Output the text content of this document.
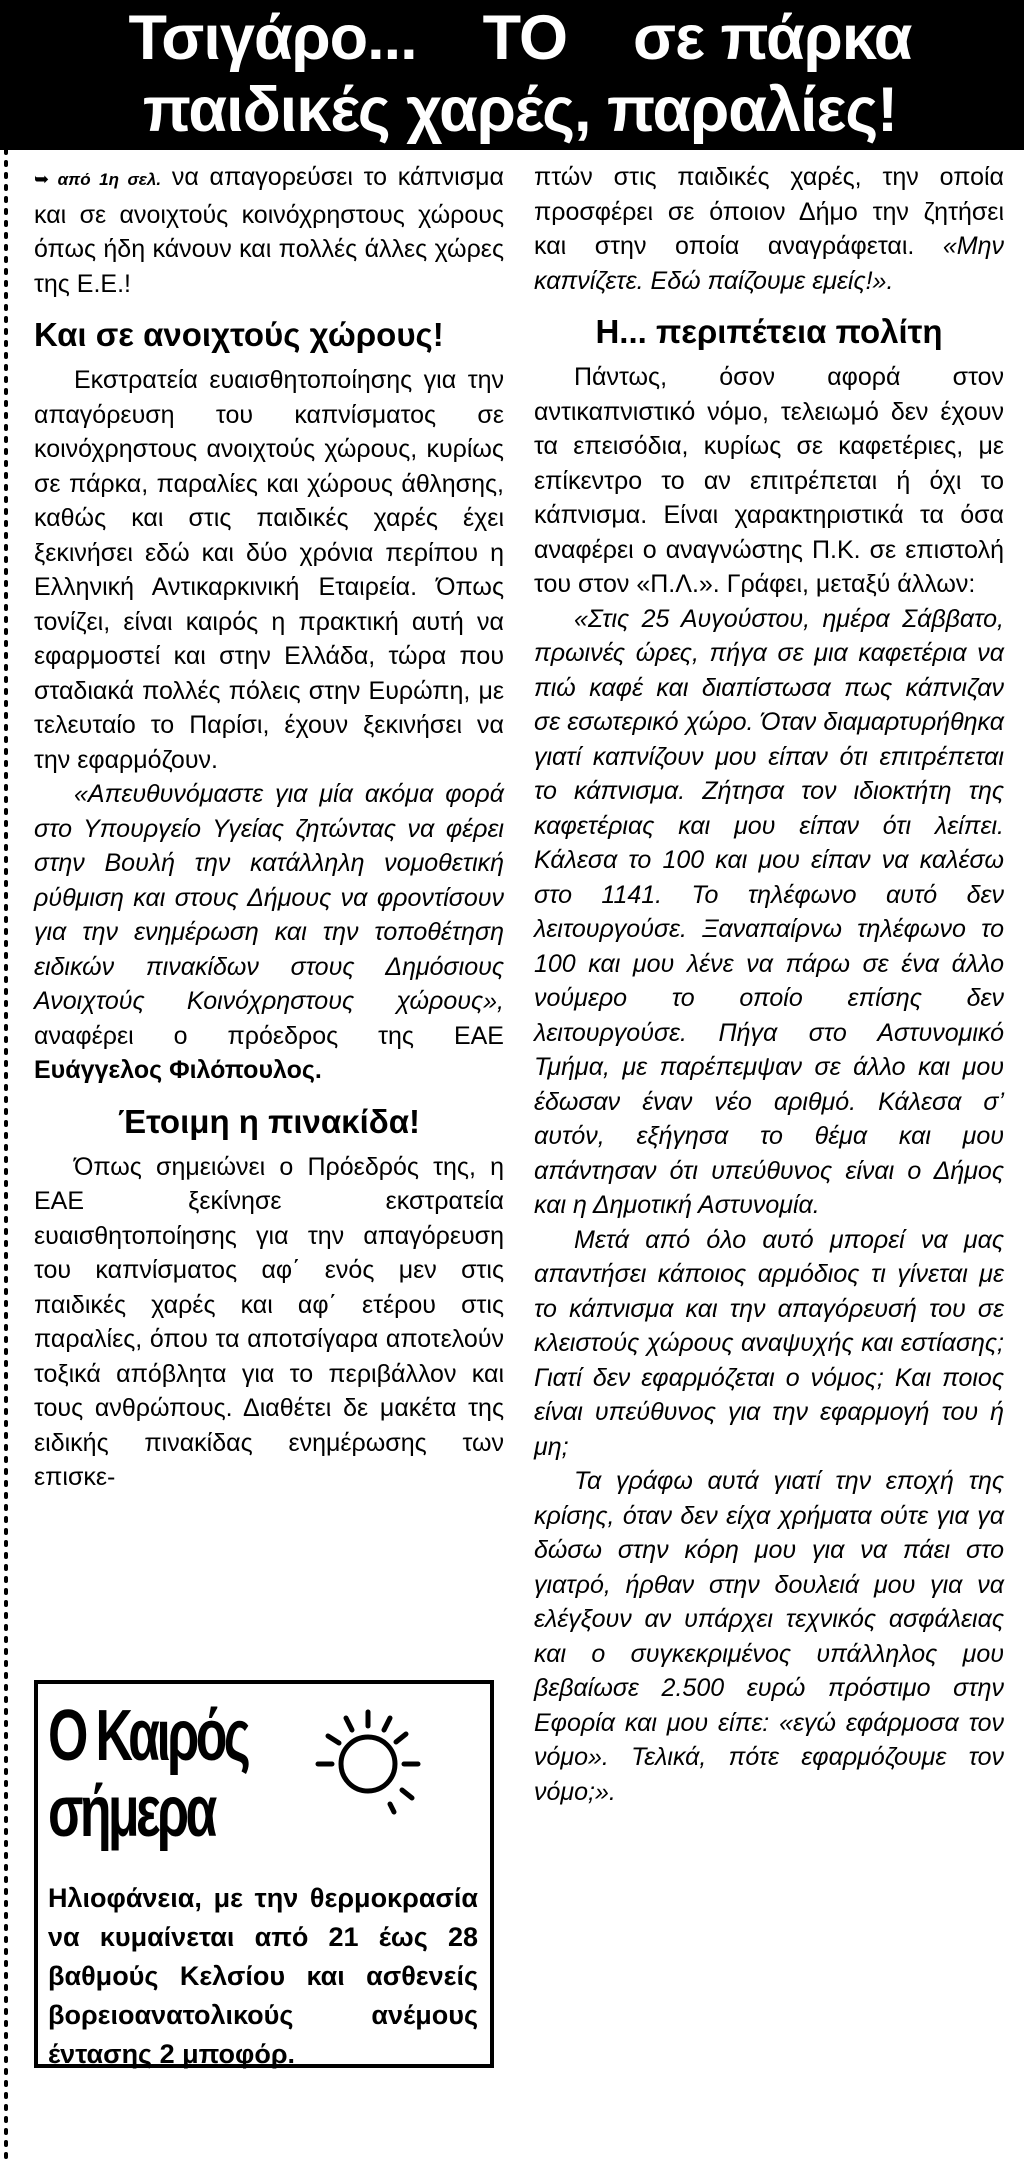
Τσιγάρο...    ΤΟ    σε πάρκα
παιδικές χαρές, παραλίες!

➥ από 1η σελ. να απαγορεύσει το κάπνισμα και σε ανοιχτούς κοινόχρηστους χώρους όπως ήδη κάνουν και πολλές άλλες χώρες της Ε.Ε.!

Και σε ανοιχτούς χώρους!

Εκστρατεία ευαισθητοποίησης για την απαγόρευση του καπνίσματος σε κοινόχρηστους ανοιχτούς χώρους, κυρίως σε πάρκα, παραλίες και χώρους άθλησης, καθώς και στις παιδικές χαρές έχει ξεκινήσει εδώ και δύο χρόνια περίπου η Ελληνική Αντικαρκινική Εταιρεία. Όπως τονίζει, είναι καιρός η πρακτική αυτή να εφαρμοστεί και στην Ελλάδα, τώρα που σταδιακά πολλές πόλεις στην Ευρώπη, με τελευταίο το Παρίσι, έχουν ξεκινήσει να την εφαρμόζουν.

«Απευθυνόμαστε για μία ακόμα φορά στο Υπουργείο Υγείας ζητώντας να φέρει στην Βουλή την κατάλληλη νομοθετική ρύθμιση και στους Δήμους να φροντίσουν για την ενημέρωση και την τοποθέτηση ειδικών πινακίδων στους Δημόσιους Ανοιχτούς Κοινόχρηστους χώρους», αναφέρει ο πρόεδρος της ΕΑΕ Ευάγγελος Φιλόπουλος.

Έτοιμη η πινακίδα!

Όπως σημειώνει ο Πρόεδρός της, η ΕΑΕ ξεκίνησε εκστρατεία ευαισθητοποίησης για την απαγόρευση του καπνίσματος αφ΄ ενός μεν στις παιδικές χαρές και αφ΄ ετέρου στις παραλίες, όπου τα αποτσίγαρα αποτελούν τοξικά απόβλητα για το περιβάλλον και τους ανθρώπους. Διαθέτει δε μακέτα της ειδικής πινακίδας ενημέρωσης των επισκε-

πτών στις παιδικές χαρές, την οποία προσφέρει σε όποιον Δήμο την ζητήσει και στην οποία αναγράφεται. «Μην καπνίζετε. Εδώ παίζουμε εμείς!».

Η... περιπέτεια πολίτη

Πάντως, όσον αφορά στον αντικαπνιστικό νόμο, τελειωμό δεν έχουν τα επεισόδια, κυρίως σε καφετέριες, με επίκεντρο το αν επιτρέπεται ή όχι το κάπνισμα. Είναι χαρακτηριστικά τα όσα αναφέρει ο αναγνώστης Π.Κ. σε επιστολή του στον «Π.Λ.». Γράφει, μεταξύ άλλων:

«Στις 25 Αυγούστου, ημέρα Σάββατο, πρωινές ώρες, πήγα σε μια καφετέρια να πιώ καφέ και διαπίστωσα πως κάπνιζαν σε εσωτερικό χώρο. Όταν διαμαρτυρήθηκα γιατί καπνίζουν μου είπαν ότι επιτρέπεται το κάπνισμα. Ζήτησα τον ιδιοκτήτη της καφετέριας και μου είπαν ότι λείπει. Κάλεσα το 100 και μου είπαν να καλέσω στο 1141. Το τηλέφωνο αυτό δεν λειτουργούσε. Ξαναπαίρνω τηλέφωνο το 100 και μου λένε να πάρω σε ένα άλλο νούμερο το οποίο επίσης δεν λειτουργούσε. Πήγα στο Αστυνομικό Τμήμα, με παρέπεμψαν σε άλλο και μου έδωσαν έναν νέο αριθμό. Κάλεσα σ’ αυτόν, εξήγησα το θέμα και μου απάντησαν ότι υπεύθυνος είναι ο Δήμος και η Δημοτική Αστυνομία.

Μετά από όλο αυτό μπορεί να μας απαντήσει κάποιος αρμόδιος τι γίνεται με το κάπνισμα και την απαγόρευσή του σε κλειστούς χώρους αναψυχής και εστίασης; Γιατί δεν εφαρμόζεται ο νόμος; Και ποιος είναι υπεύθυνος για την εφαρμογή του ή μη;

Τα γράφω αυτά γιατί την εποχή της κρίσης, όταν δεν είχα χρήματα ούτε για γα δώσω στην κόρη μου για να πάει στο γιατρό, ήρθαν στην δουλειά μου για να ελέγξουν αν υπάρχει τεχνικός ασφάλειας και ο συγκεκριμένος υπάλληλος μου βεβαίωσε 2.500 ευρώ πρόστιμο στην Εφορία και μου είπε: «εγώ εφάρμοσα τον νόμο». Τελικά, πότε εφαρμόζουμε τον νόμο;».

Ο Καιρός
σήμερα

Ηλιοφάνεια, με την θερμοκρασία να κυμαίνεται από 21 έως 28 βαθμούς Κελσίου και ασθενείς βορειοανατολικούς ανέμους έντασης 2 μποφόρ.
